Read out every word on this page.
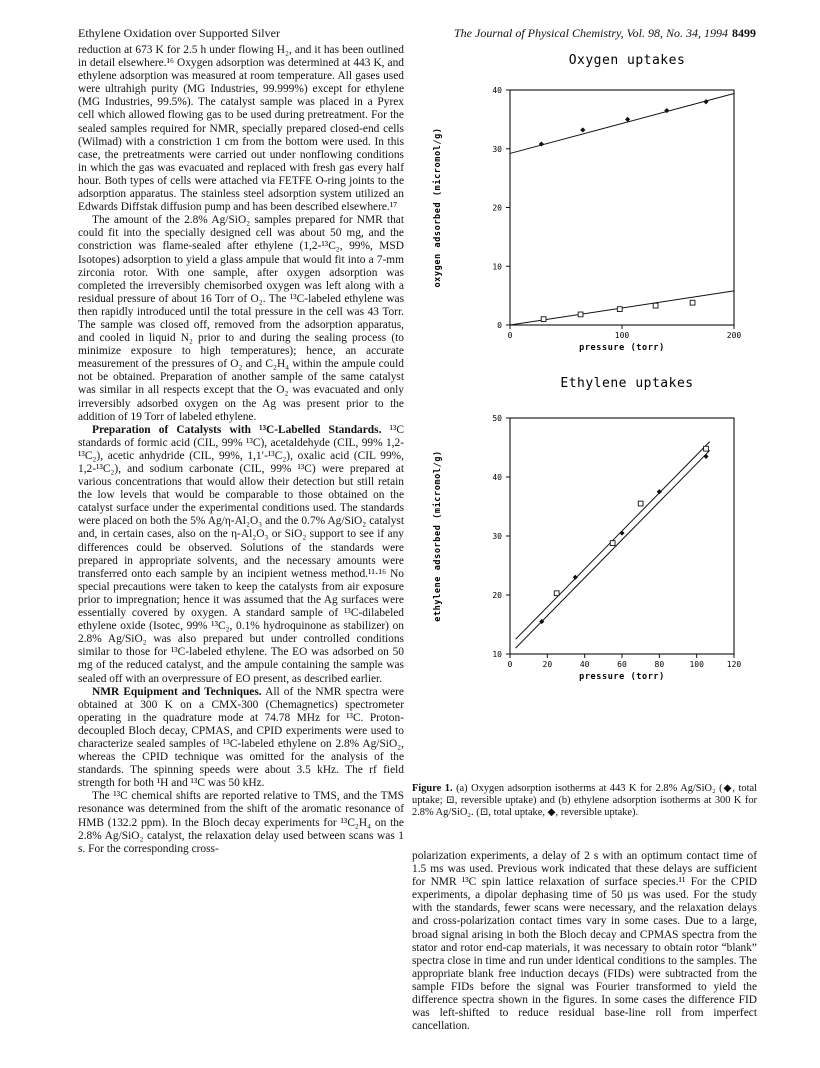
Ethylene Oxidation over Supported Silver	The Journal of Physical Chemistry, Vol. 98, No. 34, 1994 8499

reduction at 673 K for 2.5 h under flowing H₂, and it has been outlined in detail elsewhere.¹⁶ Oxygen adsorption was determined at 443 K, and ethylene adsorption was measured at room temperature. All gases used were ultrahigh purity (MG Industries, 99.999%) except for ethylene (MG Industries, 99.5%). The catalyst sample was placed in a Pyrex cell which allowed flowing gas to be used during pretreatment. For the sealed samples required for NMR, specially prepared closed-end cells (Wilmad) with a constriction 1 cm from the bottom were used. In this case, the pretreatments were carried out under nonflowing conditions in which the gas was evacuated and replaced with fresh gas every half hour. Both types of cells were attached via FETFE O-ring joints to the adsorption apparatus. The stainless steel adsorption system utilized an Edwards Diffstak diffusion pump and has been described elsewhere.¹⁷

The amount of the 2.8% Ag/SiO₂ samples prepared for NMR that could fit into the specially designed cell was about 50 mg, and the constriction was flame-sealed after ethylene (1,2-¹³C₂, 99%, MSD Isotopes) adsorption to yield a glass ampule that would fit into a 7-mm zirconia rotor. With one sample, after oxygen adsorption was completed the irreversibly chemisorbed oxygen was left along with a residual pressure of about 16 Torr of O₂. The ¹³C-labeled ethylene was then rapidly introduced until the total pressure in the cell was 43 Torr. The sample was closed off, removed from the adsorption apparatus, and cooled in liquid N₂ prior to and during the sealing process (to minimize exposure to high temperatures); hence, an accurate measurement of the pressures of O₂ and C₂H₄ within the ampule could not be obtained. Preparation of another sample of the same catalyst was similar in all respects except that the O₂ was evacuated and only irreversibly adsorbed oxygen on the Ag was present prior to the addition of 19 Torr of labeled ethylene.

Preparation of Catalysts with ¹³C-Labelled Standards. ¹³C standards of formic acid (CIL, 99% ¹³C), acetaldehyde (CIL, 99% 1,2-¹³C₂), acetic anhydride (CIL, 99%, 1,1′-¹³C₂), oxalic acid (CIL 99%, 1,2-¹³C₂), and sodium carbonate (CIL, 99% ¹³C) were prepared at various concentrations that would allow their detection but still retain the low levels that would be comparable to those obtained on the catalyst surface under the experimental conditions used. The standards were placed on both the 5% Ag/η-Al₂O₃ and the 0.7% Ag/SiO₂ catalyst and, in certain cases, also on the η-Al₂O₃ or SiO₂ support to see if any differences could be observed. Solutions of the standards were prepared in appropriate solvents, and the necessary amounts were transferred onto each sample by an incipient wetness method.¹¹·¹⁶ No special precautions were taken to keep the catalysts from air exposure prior to impregnation; hence it was assumed that the Ag surfaces were essentially covered by oxygen. A standard sample of ¹³C-dilabeled ethylene oxide (Isotec, 99% ¹³C₂, 0.1% hydroquinone as stabilizer) on 2.8% Ag/SiO₂ was also prepared but under controlled conditions similar to those for ¹³C-labeled ethylene. The EO was adsorbed on 50 mg of the reduced catalyst, and the ampule containing the sample was sealed off with an overpressure of EO present, as described earlier.

NMR Equipment and Techniques. All of the NMR spectra were obtained at 300 K on a CMX-300 (Chemagnetics) spectrometer operating in the quadrature mode at 74.78 MHz for ¹³C. Proton-decoupled Bloch decay, CPMAS, and CPID experiments were used to characterize sealed samples of ¹³C-labeled ethylene on 2.8% Ag/SiO₂, whereas the CPID technique was omitted for the analysis of the standards. The spinning speeds were about 3.5 kHz. The rf field strength for both ¹H and ¹³C was 50 kHz.

The ¹³C chemical shifts are reported relative to TMS, and the TMS resonance was determined from the shift of the aromatic resonance of HMB (132.2 ppm). In the Bloch decay experiments for ¹³C₂H₄ on the 2.8% Ag/SiO₂ catalyst, the relaxation delay used between scans was 1 s. For the corresponding cross-

Oxygen uptakes
0
10
20
30
40
0	100	200
pressure (torr)
oxygen adsorbed (micromol/g)
Ethylene uptakes
10
20
30
40
50
0	20	40	60	80	100	120
pressure (torr)
ethylene adsorbed (micromol/g)
Figure 1. (a) Oxygen adsorption isotherms at 443 K for 2.8% Ag/SiO₂ (◆, total uptake; ⊡, reversible uptake) and (b) ethylene adsorption isotherms at 300 K for 2.8% Ag/SiO₂. (⊡, total uptake, ◆, reversible uptake).

polarization experiments, a delay of 2 s with an optimum contact time of 1.5 ms was used. Previous work indicated that these delays are sufficient for NMR ¹³C spin lattice relaxation of surface species.¹¹ For the CPID experiments, a dipolar dephasing time of 50 µs was used. For the study with the standards, fewer scans were necessary, and the relaxation delays and cross-polarization contact times vary in some cases. Due to a large, broad signal arising in both the Bloch decay and CPMAS spectra from the stator and rotor end-cap materials, it was necessary to obtain rotor “blank” spectra close in time and run under identical conditions to the samples. The appropriate blank free induction decays (FIDs) were subtracted from the sample FIDs before the signal was Fourier transformed to yield the difference spectra shown in the figures. In some cases the difference FID was left-shifted to reduce residual base-line roll from imperfect cancellation.
